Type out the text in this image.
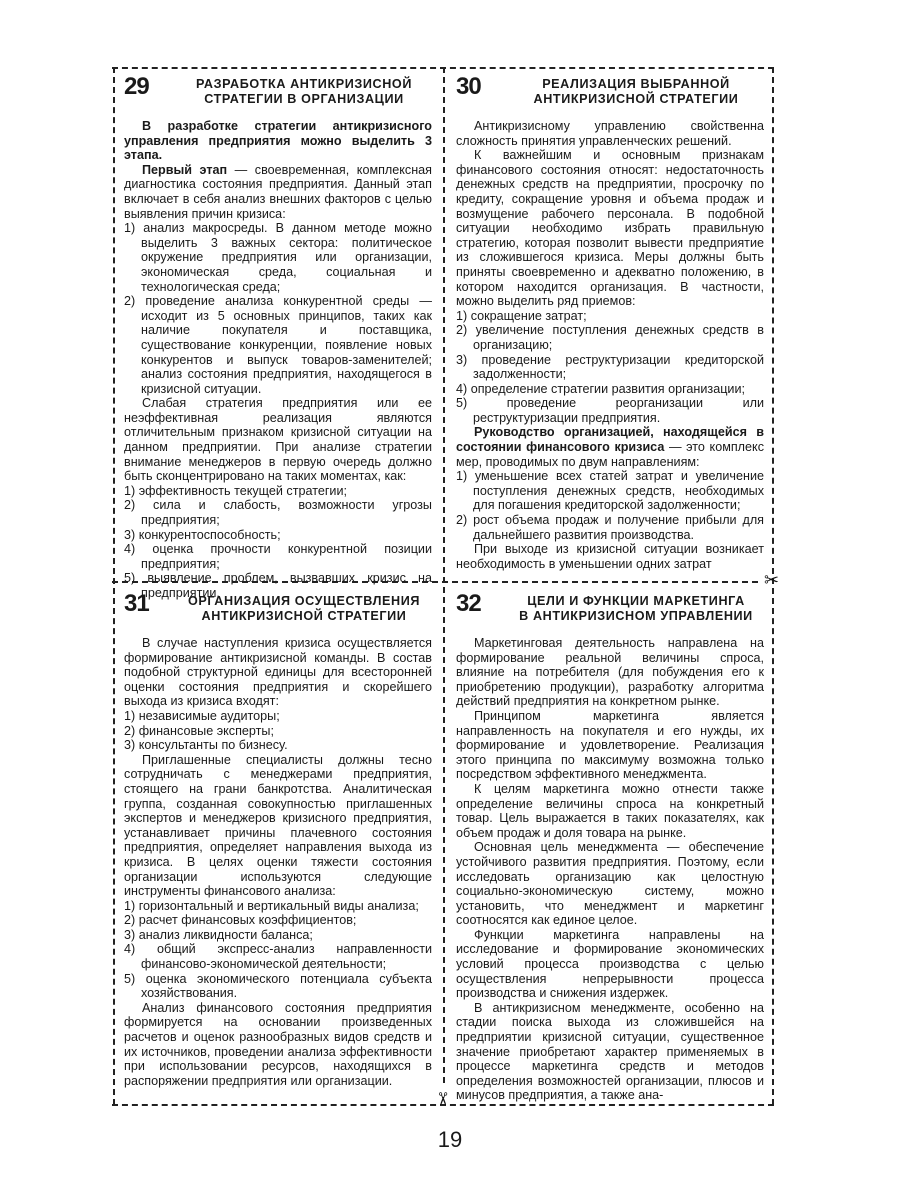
✂
✂
29	РАЗРАБОТКА АНТИКРИЗИСНОЙ
СТРАТЕГИИ В ОРГАНИЗАЦИИ

В разработке стратегии антикризисного управления предприятия можно выделить 3 этапа.

Первый этап — своевременная, комплексная диагностика состояния предприятия. Данный этап включает в себя анализ внешних факторов с целью выявления причин кризиса:

1) анализ макросреды. В данном методе можно выделить 3 важных сектора: политическое окружение предприятия или организации, экономическая среда, социальная и технологическая среда;

2) проведение анализа конкурентной среды — исходит из 5 основных принципов, таких как наличие покупателя и поставщика, существование конкуренции, появление новых конкурентов и выпуск товаров-заменителей; анализ состояния предприятия, находящегося в кризисной ситуации.

Слабая стратегия предприятия или ее неэффективная реализация являются отличительным признаком кризисной ситуации на данном предприятии. При анализе стратегии внимание менеджеров в первую очередь должно быть сконцентрировано на таких моментах, как:

1) эффективность текущей стратегии;

2) сила и слабость, возможности угрозы предприятия;

3) конкурентоспособность;

4) оценка прочности конкурентной позиции предприятия;

5) выявление проблем, вызвавших кризис на предприятии.

30	РЕАЛИЗАЦИЯ ВЫБРАННОЙ
АНТИКРИЗИСНОЙ СТРАТЕГИИ

Антикризисному управлению свойственна сложность принятия управленческих решений.

К важнейшим и основным признакам финансового состояния относят: недостаточность денежных средств на предприятии, просрочку по кредиту, сокращение уровня и объема продаж и возмущение рабочего персонала. В подобной ситуации необходимо избрать правильную стратегию, которая позволит вывести предприятие из сложившегося кризиса. Меры должны быть приняты своевременно и адекватно положению, в котором находится организация. В частности, можно выделить ряд приемов:

1) сокращение затрат;

2) увеличение поступления денежных средств в организацию;

3) проведение реструктуризации кредиторской задолженности;

4) определение стратегии развития организации;

5) проведение реорганизации или реструктуризации предприятия.

Руководство организацией, находящейся в состоянии финансового кризиса — это комплекс мер, проводимых по двум направлениям:

1) уменьшение всех статей затрат и увеличение поступления денежных средств, необходимых для погашения кредиторской задолженности;

2) рост объема продаж и получение прибыли для дальнейшего развития производства.

При выходе из кризисной ситуации возникает необходимость в уменьшении одних затрат

31	ОРГАНИЗАЦИЯ ОСУЩЕСТВЛЕНИЯ
АНТИКРИЗИСНОЙ СТРАТЕГИИ

В случае наступления кризиса осуществляется формирование антикризисной команды. В состав подобной структурной единицы для всесторонней оценки состояния предприятия и скорейшего выхода из кризиса входят:

1) независимые аудиторы;

2) финансовые эксперты;

3) консультанты по бизнесу.

Приглашенные специалисты должны тесно сотрудничать с менеджерами предприятия, стоящего на грани банкротства. Аналитическая группа, созданная совокупностью приглашенных экспертов и менеджеров кризисного предприятия, устанавливает причины плачевного состояния предприятия, определяет направления выхода из кризиса. В целях оценки тяжести состояния организации используются следующие инструменты финансового анализа:

1) горизонтальный и вертикальный виды анализа;

2) расчет финансовых коэффициентов;

3) анализ ликвидности баланса;

4) общий экспресс-анализ направленности финансово-экономической деятельности;

5) оценка экономического потенциала субъекта хозяйствования.

Анализ финансового состояния предприятия формируется на основании произведенных расчетов и оценок разнообразных видов средств и их источников, проведении анализа эффективности при использовании ресурсов, находящихся в распоряжении предприятия или организации.

32	ЦЕЛИ И ФУНКЦИИ МАРКЕТИНГА
В АНТИКРИЗИСНОМ УПРАВЛЕНИИ

Маркетинговая деятельность направлена на формирование реальной величины спроса, влияние на потребителя (для побуждения его к приобретению продукции), разработку алгоритма действий предприятия на конкретном рынке.

Принципом маркетинга является направленность на покупателя и его нужды, их формирование и удовлетворение. Реализация этого принципа по максимуму возможна только посредством эффективного менеджмента.

К целям маркетинга можно отнести также определение величины спроса на конкретный товар. Цель выражается в таких показателях, как объем продаж и доля товара на рынке.

Основная цель менеджмента — обеспечение устойчивого развития предприятия. Поэтому, если исследовать организацию как целостную социально-экономическую систему, можно установить, что менеджмент и маркетинг соотносятся как единое целое.

Функции маркетинга направлены на исследование и формирование экономических условий процесса производства с целью осуществления непрерывности процесса производства и снижения издержек.

В антикризисном менеджменте, особенно на стадии поиска выхода из сложившейся на предприятии кризисной ситуации, существенное значение приобретают характер применяемых в процессе маркетинга средств и методов определения возможностей организации, плюсов и минусов предприятия, а также ана-

19
